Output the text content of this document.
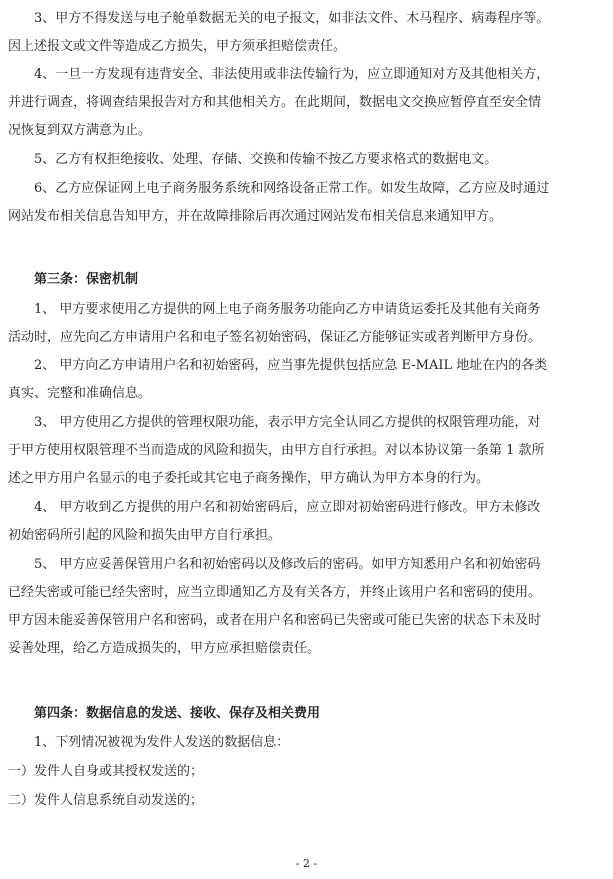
3、甲方不得发送与电子舱单数据无关的电子报文，如非法文件、木马程序、病毒程序等。
因上述报文或文件等造成乙方损失，甲方须承担赔偿责任。
4、一旦一方发现有违背安全、非法使用或非法传输行为，应立即通知对方及其他相关方，
并进行调查，将调查结果报告对方和其他相关方。在此期间，数据电文交换应暂停直至安全情
况恢复到双方满意为止。
5、乙方有权拒绝接收、处理、存储、交换和传输不按乙方要求格式的数据电文。
6、乙方应保证网上电子商务服务系统和网络设备正常工作。如发生故障，乙方应及时通过
网站发布相关信息告知甲方，并在故障排除后再次通过网站发布相关信息来通知甲方。
第三条：保密机制
1、 甲方要求使用乙方提供的网上电子商务服务功能向乙方申请货运委托及其他有关商务
活动时，应先向乙方申请用户名和电子签名初始密码，保证乙方能够证实或者判断甲方身份。
2、 甲方向乙方申请用户名和初始密码，应当事先提供包括应急 E-MAIL 地址在内的各类
真实、完整和准确信息。
3、 甲方使用乙方提供的管理权限功能，表示甲方完全认同乙方提供的权限管理功能，对
于甲方使用权限管理不当而造成的风险和损失，由甲方自行承担。对以本协议第一条第 1 款所
述之甲方用户名显示的电子委托或其它电子商务操作，甲方确认为甲方本身的行为。
4、 甲方收到乙方提供的用户名和初始密码后，应立即对初始密码进行修改。甲方未修改
初始密码所引起的风险和损失由甲方自行承担。
5、 甲方应妥善保管用户名和初始密码以及修改后的密码。如甲方知悉用户名和初始密码
已经失密或可能已经失密时，应当立即通知乙方及有关各方，并终止该用户名和密码的使用。
甲方因未能妥善保管用户名和密码，或者在用户名和密码已失密或可能已失密的状态下未及时
妥善处理，给乙方造成损失的，甲方应承担赔偿责任。
第四条：数据信息的发送、接收、保存及相关费用
1、下列情况被视为发件人发送的数据信息：
一）发件人自身或其授权发送的；
二）发件人信息系统自动发送的；
- 2 -
